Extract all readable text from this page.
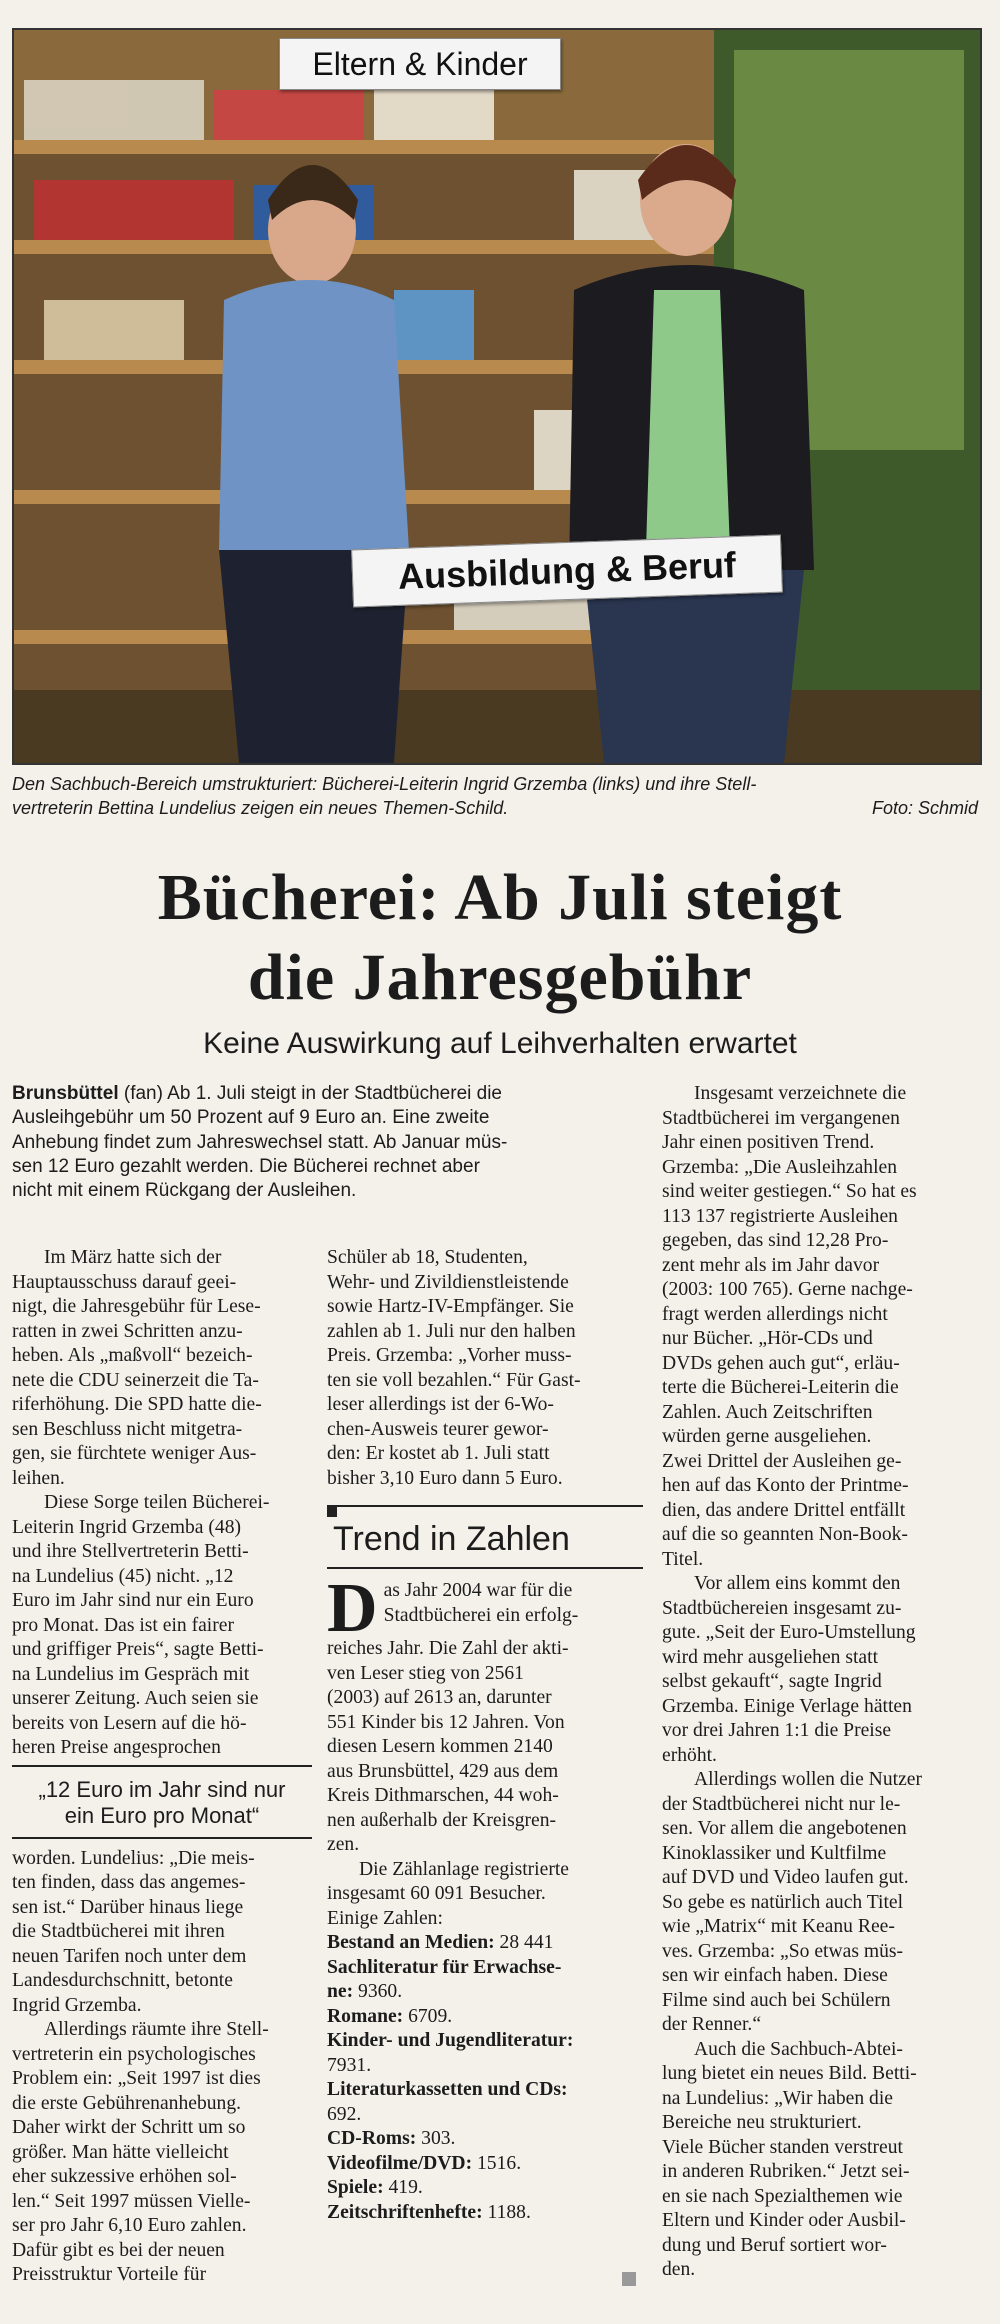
Eltern & Kinder
Ausbildung & Beruf
Den Sachbuch-Bereich umstrukturiert: Bücherei-Leiterin Ingrid Grzemba (links) und ihre Stell-
vertreterin Bettina Lundelius zeigen ein neues Themen-Schild.	Foto: Schmid
Bücherei: Ab Juli steigt
die Jahresgebühr
Keine Auswirkung auf Leihverhalten erwartet
Brunsbüttel (fan) Ab 1. Juli steigt in der Stadtbücherei die
Ausleihgebühr um 50 Prozent auf 9 Euro an. Eine zweite
Anhebung findet zum Jahreswechsel statt. Ab Januar müs-
sen 12 Euro gezahlt werden. Die Bücherei rechnet aber
nicht mit einem Rückgang der Ausleihen.
Im März hatte sich der
Hauptausschuss darauf geei-
nigt, die Jahresgebühr für Lese-
ratten in zwei Schritten anzu-
heben. Als „maßvoll“ bezeich-
nete die CDU seinerzeit die Ta-
riferhöhung. Die SPD hatte die-
sen Beschluss nicht mitgetra-
gen, sie fürchtete weniger Aus-
leihen.
Diese Sorge teilen Bücherei-
Leiterin Ingrid Grzemba (48)
und ihre Stellvertreterin Betti-
na Lundelius (45) nicht. „12
Euro im Jahr sind nur ein Euro
pro Monat. Das ist ein fairer
und griffiger Preis“, sagte Betti-
na Lundelius im Gespräch mit
unserer Zeitung. Auch seien sie
bereits von Lesern auf die hö-
heren Preise angesprochen
„12 Euro im Jahr sind nur
ein Euro pro Monat“
worden. Lundelius: „Die meis-
ten finden, dass das angemes-
sen ist.“ Darüber hinaus liege
die Stadtbücherei mit ihren
neuen Tarifen noch unter dem
Landesdurchschnitt, betonte
Ingrid Grzemba.
Allerdings räumte ihre Stell-
vertreterin ein psychologisches
Problem ein: „Seit 1997 ist dies
die erste Gebührenanhebung.
Daher wirkt der Schritt um so
größer. Man hätte vielleicht
eher sukzessive erhöhen sol-
len.“ Seit 1997 müssen Vielle-
ser pro Jahr 6,10 Euro zahlen.
Dafür gibt es bei der neuen
Preisstruktur Vorteile für
Schüler ab 18, Studenten,
Wehr- und Zivildienstleistende
sowie Hartz-IV-Empfänger. Sie
zahlen ab 1. Juli nur den halben
Preis. Grzemba: „Vorher muss-
ten sie voll bezahlen.“ Für Gast-
leser allerdings ist der 6-Wo-
chen-Ausweis teurer gewor-
den: Er kostet ab 1. Juli statt
bisher 3,10 Euro dann 5 Euro.
Trend in Zahlen
D as Jahr 2004 war für die
Stadtbücherei ein erfolg-
reiches Jahr. Die Zahl der akti-
ven Leser stieg von 2561
(2003) auf 2613 an, darunter
551 Kinder bis 12 Jahren. Von
diesen Lesern kommen 2140
aus Brunsbüttel, 429 aus dem
Kreis Dithmarschen, 44 woh-
nen außerhalb der Kreisgren-
zen.
Die Zählanlage registrierte
insgesamt 60 091 Besucher.
Einige Zahlen:
Bestand an Medien: 28 441
Sachliteratur für Erwachse-
ne: 9360.
Romane: 6709.
Kinder- und Jugendliteratur:
7931.
Literaturkassetten und CDs:
692.
CD-Roms: 303.
Videofilme/DVD: 1516.
Spiele: 419.
Zeitschriftenhefte: 1188.
Insgesamt verzeichnete die
Stadtbücherei im vergangenen
Jahr einen positiven Trend.
Grzemba: „Die Ausleihzahlen
sind weiter gestiegen.“ So hat es
113 137 registrierte Ausleihen
gegeben, das sind 12,28 Pro-
zent mehr als im Jahr davor
(2003: 100 765). Gerne nachge-
fragt werden allerdings nicht
nur Bücher. „Hör-CDs und
DVDs gehen auch gut“, erläu-
terte die Bücherei-Leiterin die
Zahlen. Auch Zeitschriften
würden gerne ausgeliehen.
Zwei Drittel der Ausleihen ge-
hen auf das Konto der Printme-
dien, das andere Drittel entfällt
auf die so geannten Non-Book-
Titel.
Vor allem eins kommt den
Stadtbüchereien insgesamt zu-
gute. „Seit der Euro-Umstellung
wird mehr ausgeliehen statt
selbst gekauft“, sagte Ingrid
Grzemba. Einige Verlage hätten
vor drei Jahren 1:1 die Preise
erhöht.
Allerdings wollen die Nutzer
der Stadtbücherei nicht nur le-
sen. Vor allem die angebotenen
Kinoklassiker und Kultfilme
auf DVD und Video laufen gut.
So gebe es natürlich auch Titel
wie „Matrix“ mit Keanu Ree-
ves. Grzemba: „So etwas müs-
sen wir einfach haben. Diese
Filme sind auch bei Schülern
der Renner.“
Auch die Sachbuch-Abtei-
lung bietet ein neues Bild. Betti-
na Lundelius: „Wir haben die
Bereiche neu strukturiert.
Viele Bücher standen verstreut
in anderen Rubriken.“ Jetzt sei-
en sie nach Spezialthemen wie
Eltern und Kinder oder Ausbil-
dung und Beruf sortiert wor-
den.
